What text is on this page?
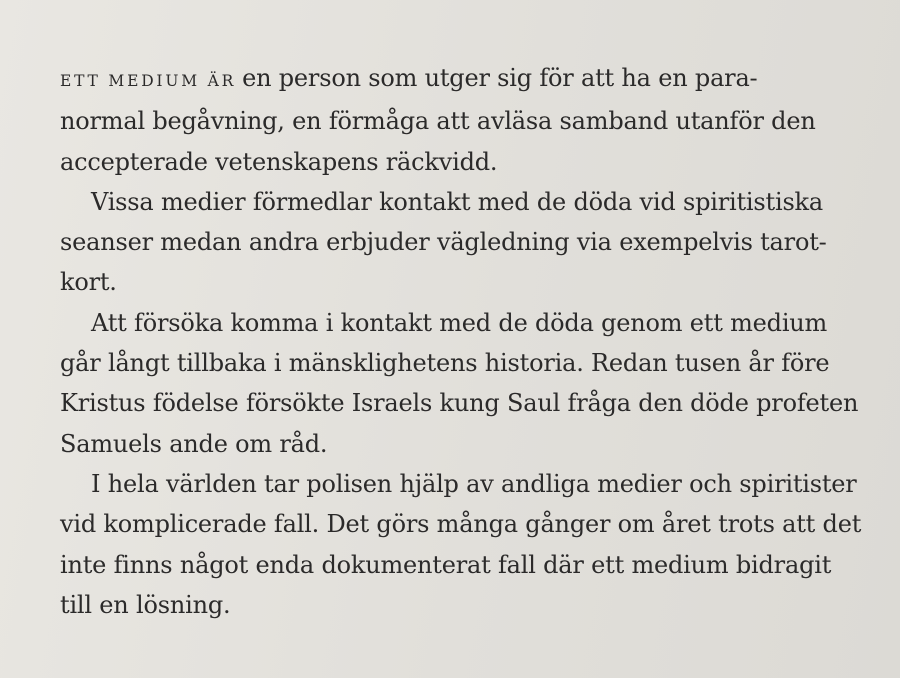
ETT MEDIUM ÄR en person som utger sig för att ha en para-
normal begåvning, en förmåga att avläsa samband utanför den
accepterade vetenskapens räckvidd.
Vissa medier förmedlar kontakt med de döda vid spiritistiska
seanser medan andra erbjuder vägledning via exempelvis tarot-
kort.
Att försöka komma i kontakt med de döda genom ett medium
går långt tillbaka i mänsklighetens historia. Redan tusen år före
Kristus födelse försökte Israels kung Saul fråga den döde profeten
Samuels ande om råd.
I hela världen tar polisen hjälp av andliga medier och spiritister
vid komplicerade fall. Det görs många gånger om året trots att det
inte finns något enda dokumenterat fall där ett medium bidragit
till en lösning.
